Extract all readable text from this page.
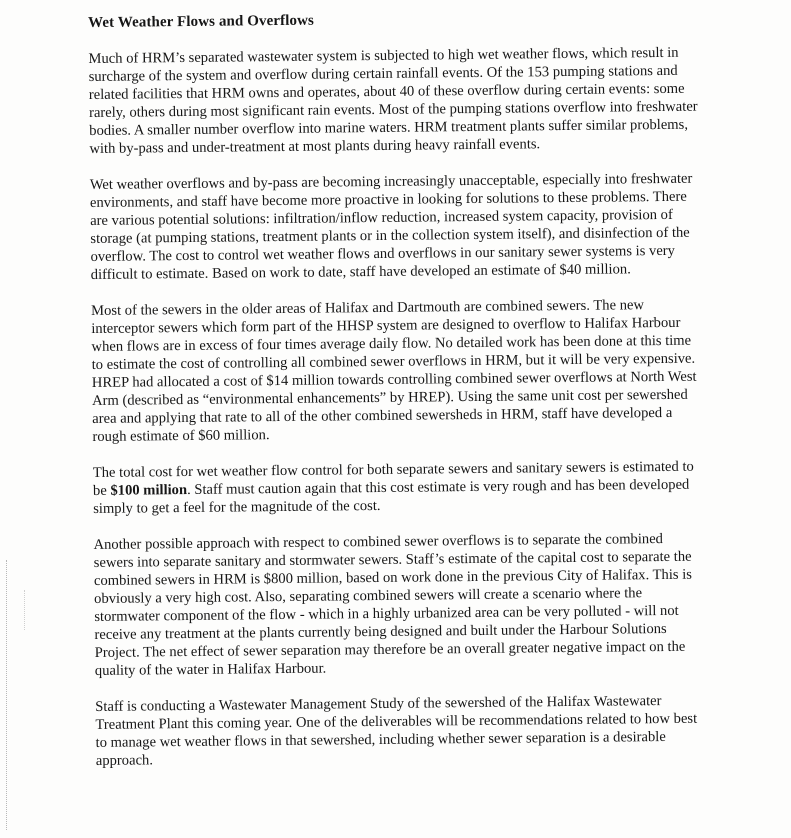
Wet Weather Flows and Overflows

Much of HRM’s separated wastewater system is subjected to high wet weather flows, which result in surcharge of the system and overflow during certain rainfall events. Of the 153 pumping stations and related facilities that HRM owns and operates, about 40 of these overflow during certain events: some rarely, others during most significant rain events. Most of the pumping stations overflow into freshwater bodies. A smaller number overflow into marine waters. HRM treatment plants suffer similar problems, with by-pass and under-treatment at most plants during heavy rainfall events.

Wet weather overflows and by-pass are becoming increasingly unacceptable, especially into freshwater environments, and staff have become more proactive in looking for solutions to these problems. There are various potential solutions: infiltration/inflow reduction, increased system capacity, provision of storage (at pumping stations, treatment plants or in the collection system itself), and disinfection of the overflow. The cost to control wet weather flows and overflows in our sanitary sewer systems is very difficult to estimate. Based on work to date, staff have developed an estimate of $40 million.

Most of the sewers in the older areas of Halifax and Dartmouth are combined sewers. The new interceptor sewers which form part of the HHSP system are designed to overflow to Halifax Harbour when flows are in excess of four times average daily flow. No detailed work has been done at this time to estimate the cost of controlling all combined sewer overflows in HRM, but it will be very expensive. HREP had allocated a cost of $14 million towards controlling combined sewer overflows at North West Arm (described as “environmental enhancements” by HREP). Using the same unit cost per sewershed area and applying that rate to all of the other combined sewersheds in HRM, staff have developed a rough estimate of $60 million.

The total cost for wet weather flow control for both separate sewers and sanitary sewers is estimated to be $100 million. Staff must caution again that this cost estimate is very rough and has been developed simply to get a feel for the magnitude of the cost.

Another possible approach with respect to combined sewer overflows is to separate the combined sewers into separate sanitary and stormwater sewers. Staff’s estimate of the capital cost to separate the combined sewers in HRM is $800 million, based on work done in the previous City of Halifax. This is obviously a very high cost. Also, separating combined sewers will create a scenario where the stormwater component of the flow - which in a highly urbanized area can be very polluted - will not receive any treatment at the plants currently being designed and built under the Harbour Solutions Project. The net effect of sewer separation may therefore be an overall greater negative impact on the quality of the water in Halifax Harbour.

Staff is conducting a Wastewater Management Study of the sewershed of the Halifax Wastewater Treatment Plant this coming year. One of the deliverables will be recommendations related to how best to manage wet weather flows in that sewershed, including whether sewer separation is a desirable approach.
